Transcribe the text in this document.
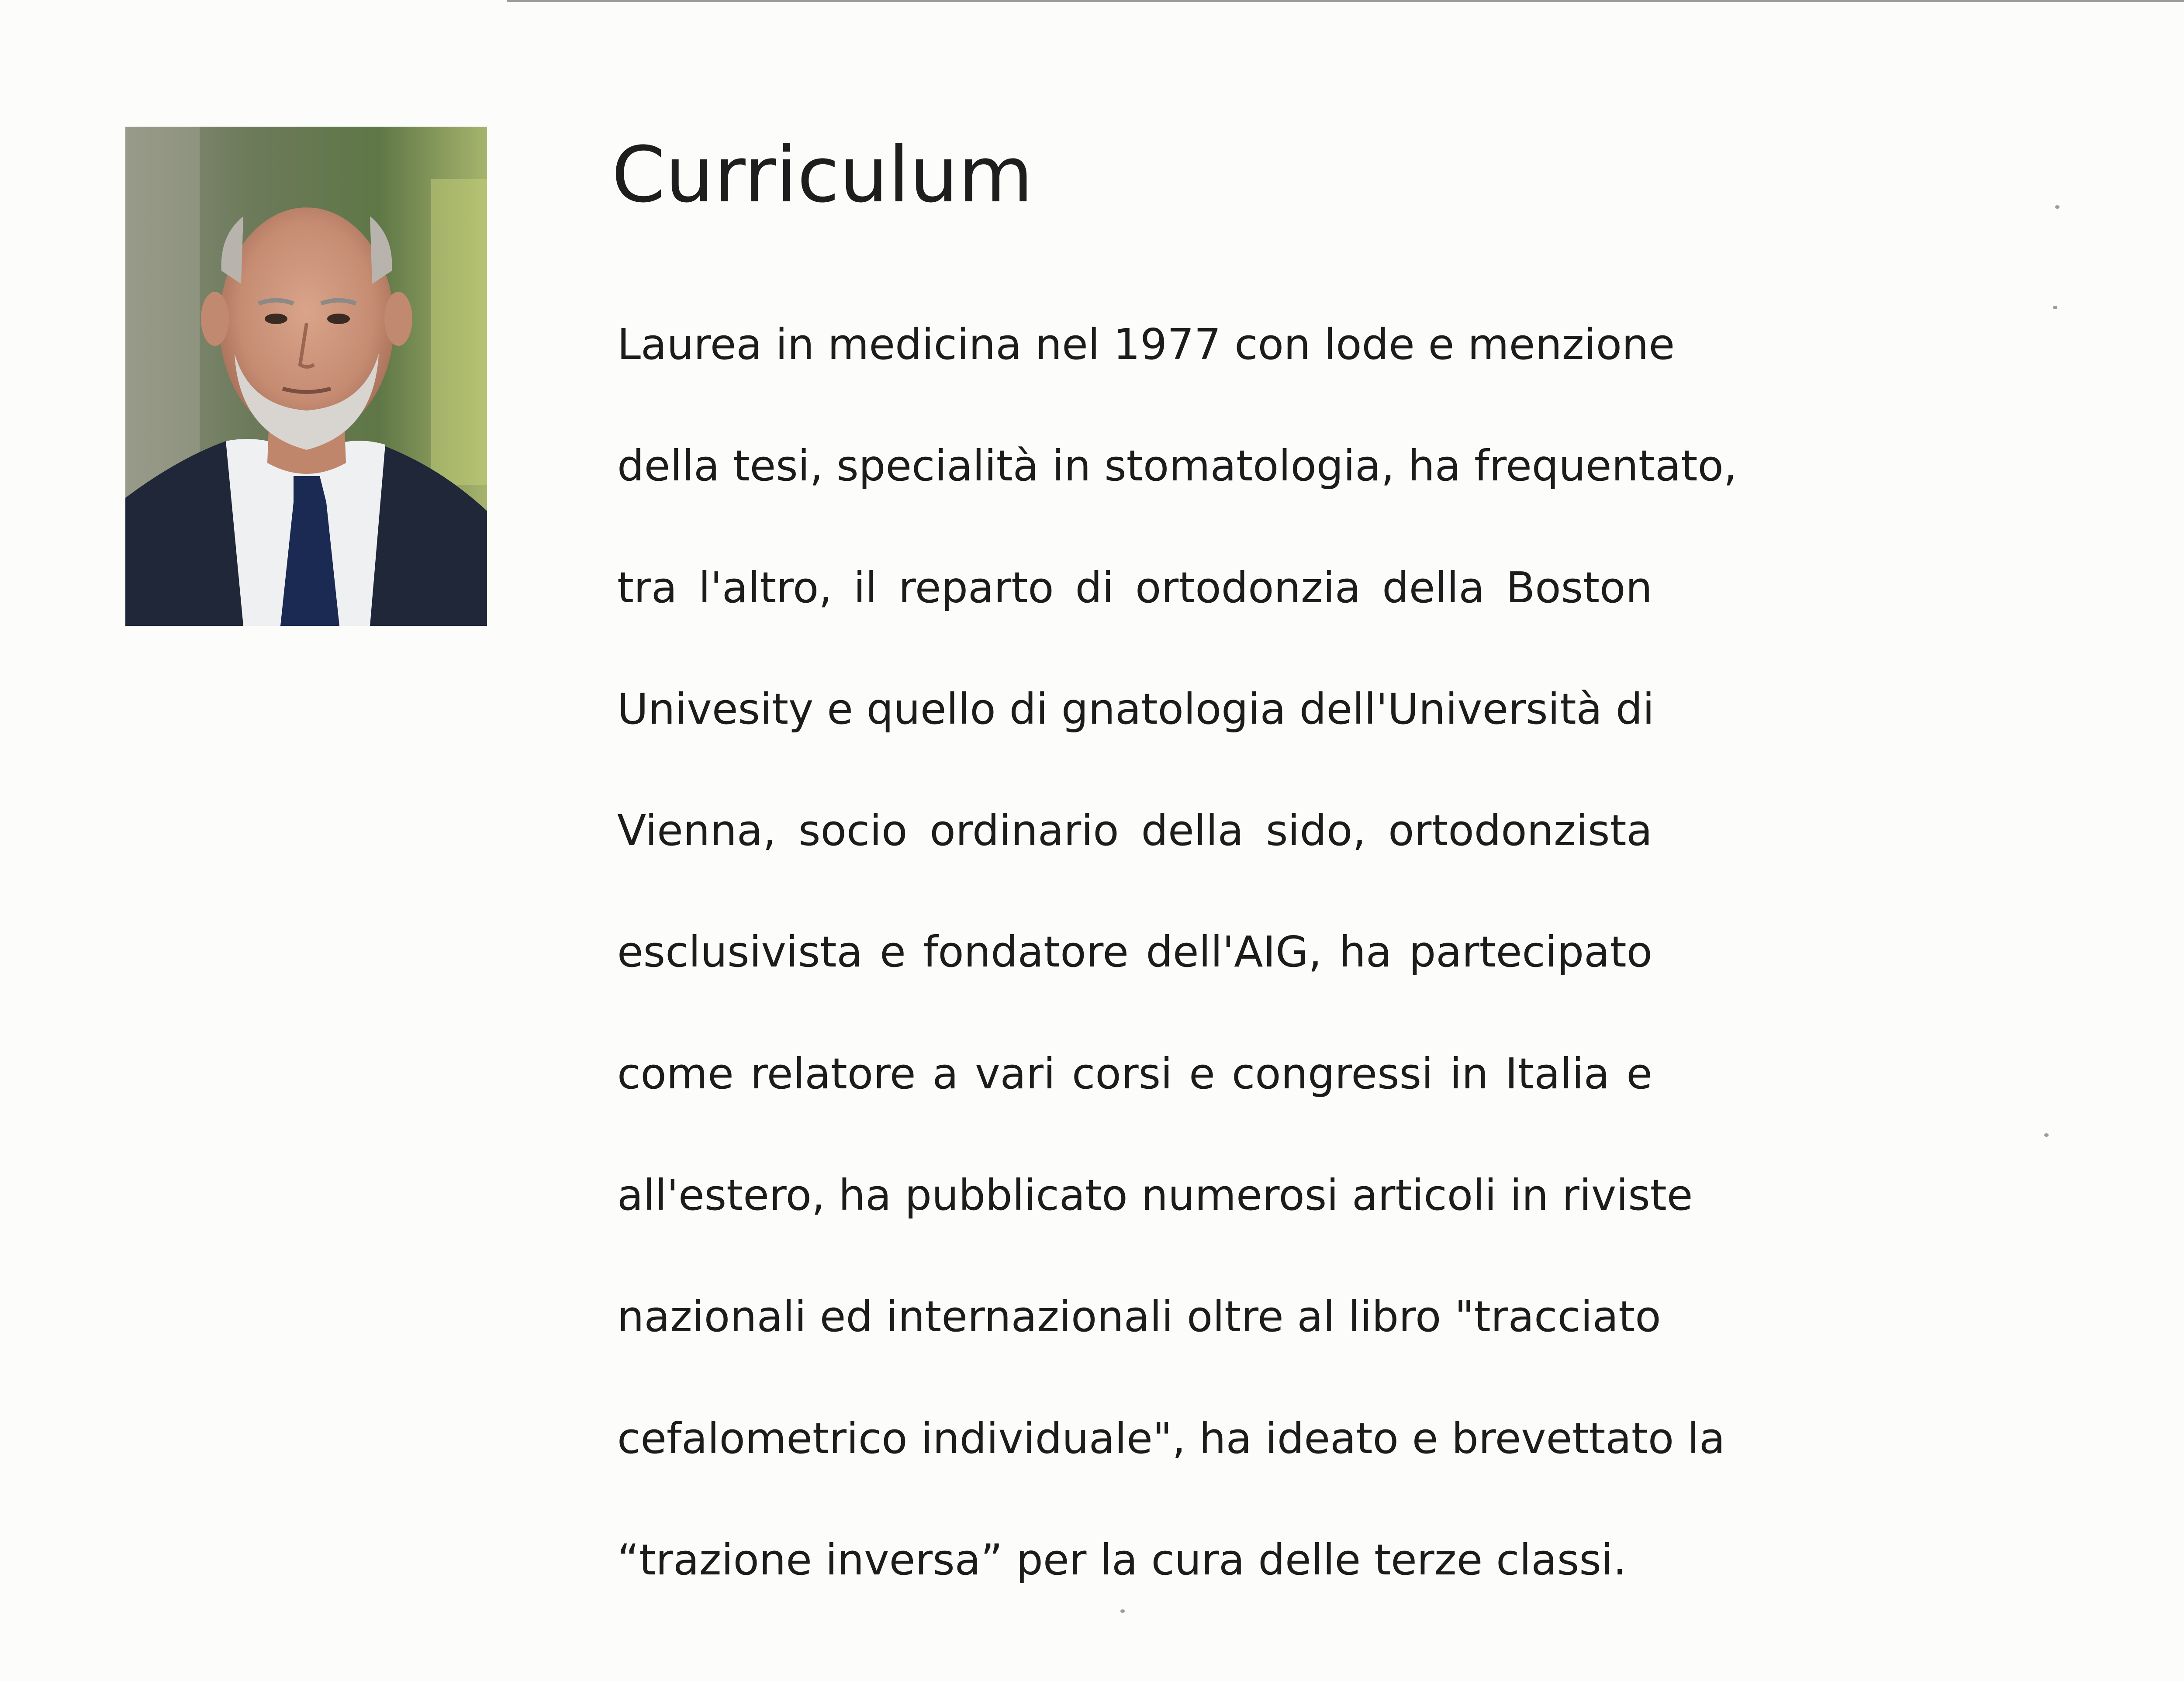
Curriculum
Laurea in medicina nel 1977 con lode e menzione
della tesi, specialità in stomatologia, ha frequentato,
tra l'altro, il reparto di ortodonzia della Boston
Univesity e quello di gnatologia dell'Università di
Vienna, socio ordinario della sido, ortodonzista
esclusivista e fondatore dell'AIG, ha partecipato
come relatore a vari corsi e congressi in Italia e
all'estero, ha pubblicato numerosi articoli in riviste
nazionali ed internazionali oltre al libro "tracciato
cefalometrico individuale", ha ideato e brevettato la
“trazione inversa” per la cura delle terze classi.
